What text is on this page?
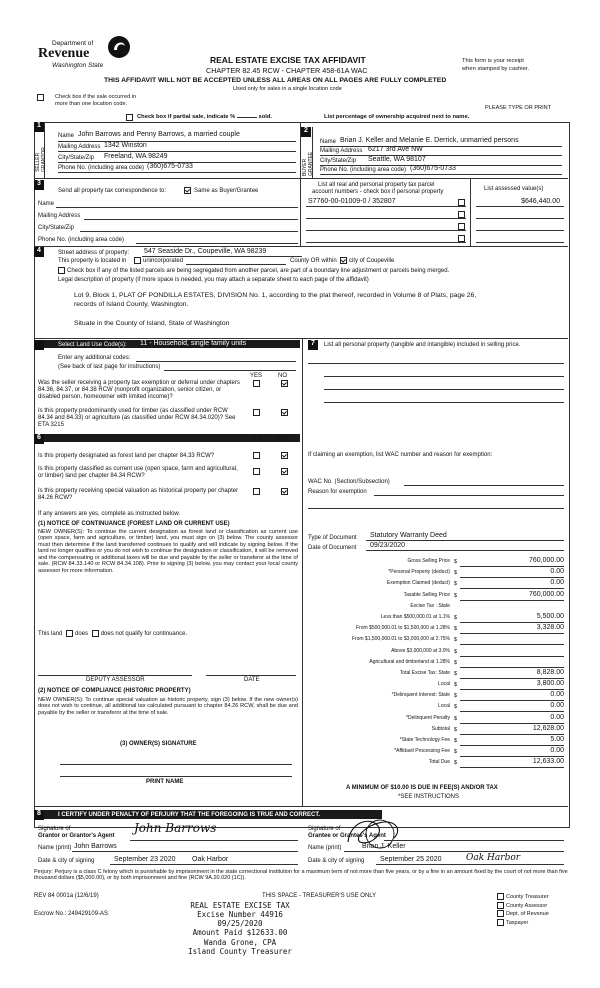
Department of
Revenue
Washington State
REAL ESTATE EXCISE TAX AFFIDAVIT
CHAPTER 82.45 RCW - CHAPTER 458-61A WAC
This form is your receipt
when stamped by cashier.
THIS AFFIDAVIT WILL NOT BE ACCEPTED UNLESS ALL AREAS ON ALL PAGES ARE FULLY COMPLETED
Used only for sales in a single location code
Check box if the sale occurred in
more than one location code.
PLEASE TYPE OR PRINT
Check box if partial sale, indicate %	sold.	List percentage of ownership acquired next to name.
1
SELLER GRANTOR
Name John Barrows and Penny Barrows, a married couple
Mailing Address 1342 Winston
City/State/Zip Freeland, WA 98249
Phone No. (including area code) (360)675-0733
2
BUYER GRANTEE
Name Brian J. Keller and Melanie E. Derrick, unmarried persons
Mailing Address 6217 3rd Ave NW
City/State/Zip Seattle, WA 98107
Phone No. (including area code) (360)675-0733
3
Send all property tax correspondence to:	Same as Buyer/Grantee
Name
Mailing Address
City/State/Zip
Phone No. (including area code)
List all real and personal property tax parcel
account numbers - check box if personal property	List assessed value(s)
S7760-00-01009-0 / 352807	$646,440.00
4	Street address of property: 547 Seaside Dr., Coupeville, WA 98239
This property is located in	unincorporated	County OR within city of Coupeville
Check box if any of the listed parcels are being segregated from another parcel, are part of a boundary line adjustment or parcels being merged.
Legal description of property (if more space is needed, you may attach a separate sheet to each page of the affidavit)
Lot 9, Block 1, PLAT OF PONDILLA ESTATES, DIVISION No. 1, according to the plat thereof, recorded in Volume 8 of Plats, page 26,
records of Island County, Washington.
Situate in the County of Island, State of Washington
Select Land Use Code(s): 11 - Household, single family units
Enter any additional codes:
(See back of last page for instructions)
YES	NO
Was the seller receiving a property tax exemption or deferral under chapters 84.36, 84.37, or 84.38 RCW (nonprofit organization, senior citizen, or disabled person, homeowner with limited income)?
Is this property predominantly used for timber (as classified under RCW 84.34 and 84.33) or agriculture (as classified under RCW 84.34.020)? See ETA 3215
6	YES	NO
Is this property designated as forest land per chapter 84.33 RCW?
Is this property classified as current use (open space, farm and agricultural, or timber) land per chapter 84.34 RCW?
Is this property receiving special valuation as historical property per chapter 84.26 RCW?
If any answers are yes, complete as instructed below.
(1) NOTICE OF CONTINUANCE (FOREST LAND OR CURRENT USE)
NEW OWNER(S): To continue the current designation as forest land or classification as current use (open space, farm and agriculture, or timber) land, you must sign on (3) below. The county assessor must then determine if the land transferred continues to qualify and will indicate by signing below. If the land no longer qualifies or you do not wish to continue the designation or classification, it will be removed and the compensating or additional taxes will be due and payable by the seller or transferor at the time of sale. (RCW 84.33.140 or RCW 84.34.108). Prior to signing (3) below, you may contact your local county assessor for more information.
This land does does not qualify for continuance.
DEPUTY ASSESSOR	DATE
(2) NOTICE OF COMPLIANCE (HISTORIC PROPERTY)
NEW OWNER(S): To continue special valuation as historic property, sign (3) below. If the new owner(s) does not wish to continue, all additional tax calculated pursuant to chapter 84.26 RCW, shall be due and payable by the seller or transferor at the time of sale.
(3) OWNER(S) SIGNATURE
PRINT NAME
7	List all personal property (tangible and intangible) included in selling price.
If claiming an exemption, list WAC number and reason for exemption:
WAC No. (Section/Subsection)
Reason for exemption
Type of Document Statutory Warranty Deed
Date of Document 09/23/2020
Gross Selling Price $	760,000.00
*Personal Property (deduct) $	0.00
Exemption Claimed (deduct) $	0.00
Taxable Selling Price $	760,000.00
Excise Tax : State
Less than $500,000.01 at 1.1% $	5,500.00
From $500,000.01 to $1,500,000 at 1.28% $	3,328.00
From $1,500,000.01 to $3,000,000 at 2.75% $
Above $3,000,000 at 3.0% $
Agricultural and timberland at 1.28% $
Total Excise Tax: State $	8,828.00
Local $	3,800.00
*Delinquent Interest: State $	0.00
Local $	0.00
*Delinquent Penalty $	0.00
Subtotal $	12,628.00
*State Technology Fee $	5.00
*Affidavit Processing Fee $	0.00
Total Due $	12,633.00
A MINIMUM OF $10.00 IS DUE IN FEE(S) AND/OR TAX
*SEE INSTRUCTIONS
8	I CERTIFY UNDER PENALTY OF PERJURY THAT THE FOREGOING IS TRUE AND CORRECT.
Signature of
Grantor or Grantor's Agent
John Barrows
Name (print) John Barrows
Date & city of signing	September 23 2020 Oak Harbor
Signature of
Grantee or Grantee's Agent
Name (print)	Brian J. Keller
Date & city of signing September 25 2020	Oak Harbor
Perjury: Perjury is a class C felony which is punishable by imprisonment in the state correctional institution for a maximum term of not more than five years, or by a fine in an amount fixed by the court of not more than five thousand dollars ($5,000.00), or by both imprisonment and fine (RCW 9A.20.020 (1C)).
REV 84 0001a (12/6/19)	THIS SPACE - TREASURER'S USE ONLY
Escrow No.: 249429109-AS
REAL ESTATE EXCISE TAX
Excise Number 44916
09/25/2020
Amount Paid $12633.00
Wanda Grone, CPA
Island County Treasurer
County Treasurer
County Assessor
Dept. of Revenue
Taxpayer
